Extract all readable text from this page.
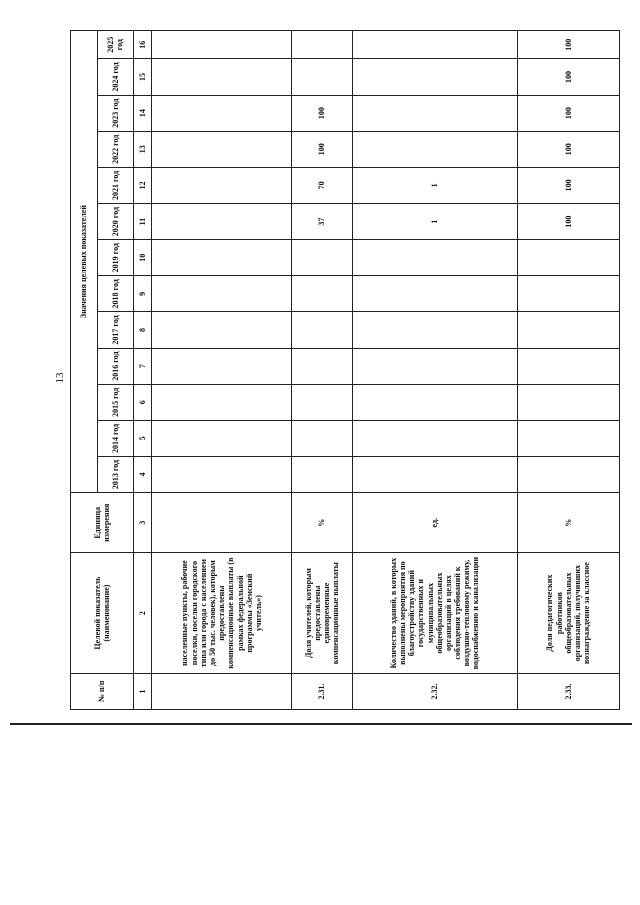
13
№ п/п	Целевой показатель (наименование)	Единица измерения	Значения целевых показателей												
			2013 год	2014 год	2015 год	2016 год	2017 год	2018 год	2019 год	2020 год	2021 год	2022 год	2023 год	2024 год	2025 год
1	2	3	4	5	6	7	8	9	10	11	12	13	14	15	16
	населенные пункты, рабочие поселки, поселки городского типа или города с населением до 50 тыс. человек), которым предоставлены компенсационные выплаты (в рамках федеральной программы «Земский учитель»)														
2.31.	Доля учителей, которым предоставлены единовременные компенсационные выплаты	%								37	70	100	100		
2.32.	Количество зданий, в которых выполнены мероприятия по благоустройству зданий государственных и муниципальных общеобразовательных организаций в целях соблюдения требований к воздушно-тепловому режиму, водоснабжению и канализации	ед.								1	1				
2.33.	Доля педагогических работников общеобразовательных организаций, получивших вознаграждение за классное	%								100	100	100	100	100	100
